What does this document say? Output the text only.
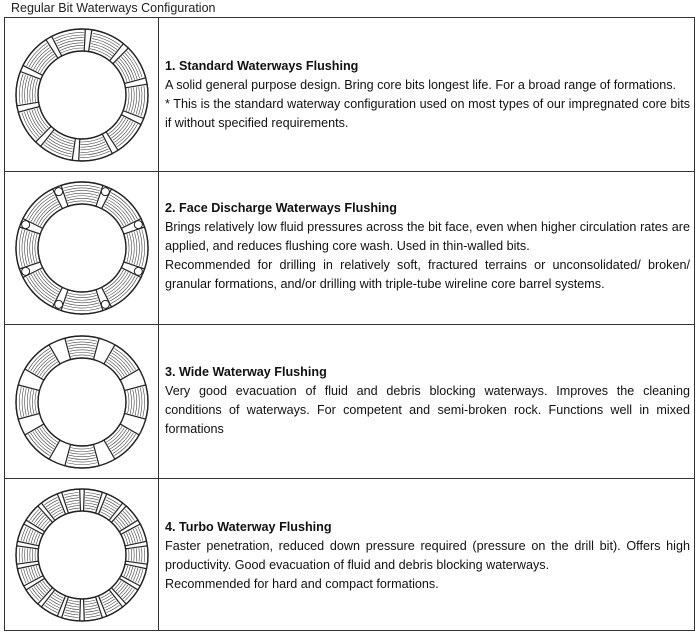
Regular Bit Waterways Configuration

1. Standard Waterways Flushing

A solid general purpose design. Bring core bits longest life. For a broad range of formations.

* This is the standard waterway configuration used on most types of our impregnated core bits if without specified requirements.

2. Face Discharge Waterways Flushing

Brings relatively low fluid pressures across the bit face, even when higher circulation rates are applied, and reduces flushing core wash. Used in thin-walled bits.

Recommended for drilling in relatively soft, fractured terrains or unconsolidated/ broken/ granular formations, and/or drilling with triple-tube wireline core barrel systems.

3. Wide Waterway Flushing

Very good evacuation of fluid and debris blocking waterways. Improves the cleaning conditions of waterways. For competent and semi-broken rock. Functions well in mixed formations

4. Turbo Waterway Flushing

Faster penetration, reduced down pressure required (pressure on the drill bit). Offers high productivity. Good evacuation of fluid and debris blocking waterways.

Recommended for hard and compact formations.
